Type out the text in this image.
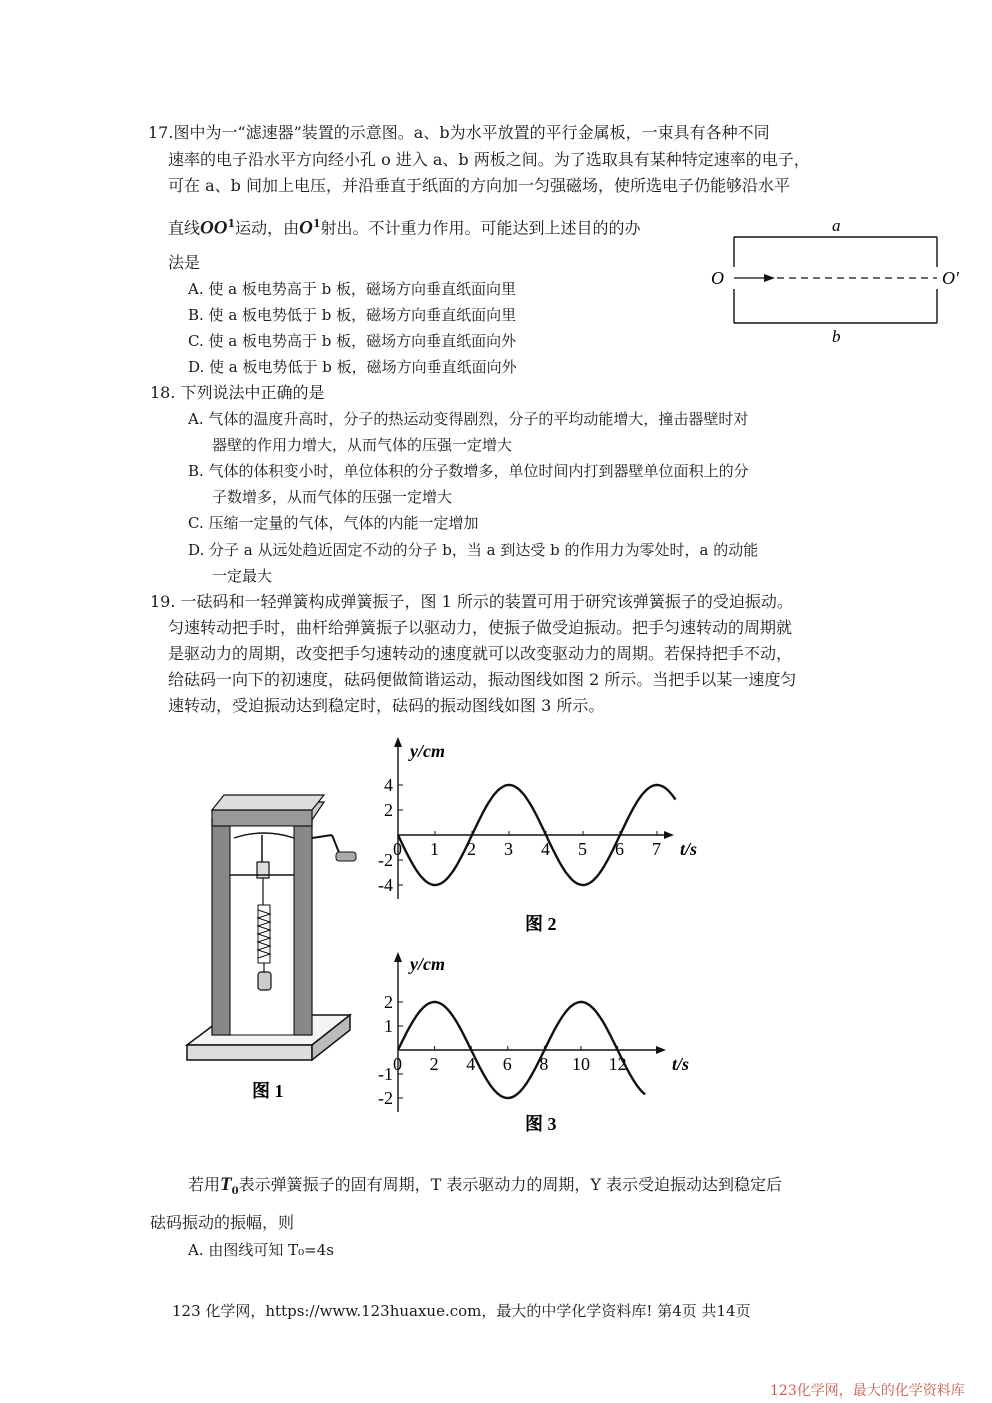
17.图中为一“滤速器”装置的示意图。a、b为水平放置的平行金属板，一束具有各种不同
速率的电子沿水平方向经小孔 o 进入 a、b 两板之间。为了选取具有某种特定速率的电子，
可在 a、b 间加上电压，并沿垂直于纸面的方向加一匀强磁场，使所选电子仍能够沿水平
直线$OO^1$运动，由$O^1$射出。不计重力作用。可能达到上述目的的办
法是
A. 使 a 板电势高于 b 板，磁场方向垂直纸面向里
B. 使 a 板电势低于 b 板，磁场方向垂直纸面向里
C. 使 a 板电势高于 b 板，磁场方向垂直纸面向外
D. 使 a 板电势低于 b 板，磁场方向垂直纸面向外
a
b
O	O′
18. 下列说法中正确的是
A. 气体的温度升高时，分子的热运动变得剧烈，分子的平均动能增大，撞击器壁时对
器壁的作用力增大，从而气体的压强一定增大
B. 气体的体积变小时，单位体积的分子数增多，单位时间内打到器壁单位面积上的分
子数增多，从而气体的压强一定增大
C. 压缩一定量的气体，气体的内能一定增加
D. 分子 a 从远处趋近固定不动的分子 b，当 a 到达受 b 的作用力为零处时，a 的动能
一定最大
19. 一砝码和一轻弹簧构成弹簧振子，图 1 所示的装置可用于研究该弹簧振子的受迫振动。
匀速转动把手时，曲杆给弹簧振子以驱动力，使振子做受迫振动。把手匀速转动的周期就
是驱动力的周期，改变把手匀速转动的速度就可以改变驱动力的周期。若保持把手不动，
给砝码一向下的初速度，砝码便做简谐运动，振动图线如图 2 所示。当把手以某一速度匀
速转动，受迫振动达到稳定时，砝码的振动图线如图 3 所示。
图 1
y/cm
0 1 2 3 4 5 6 7 t/s
4
2
-2
-4
图 2
y/cm
0 2 4 6 8 10 12	t/s
2
1
-1
-2
图 3
若用$T_0$表示弹簧振子的固有周期，T 表示驱动力的周期，Y 表示受迫振动达到稳定后
砝码振动的振幅，则
A. 由图线可知 T₀=4s
123 化学网，https://www.123huaxue.com，最大的中学化学资料库! 第4页 共14页
123化学网，最大的化学资料库
